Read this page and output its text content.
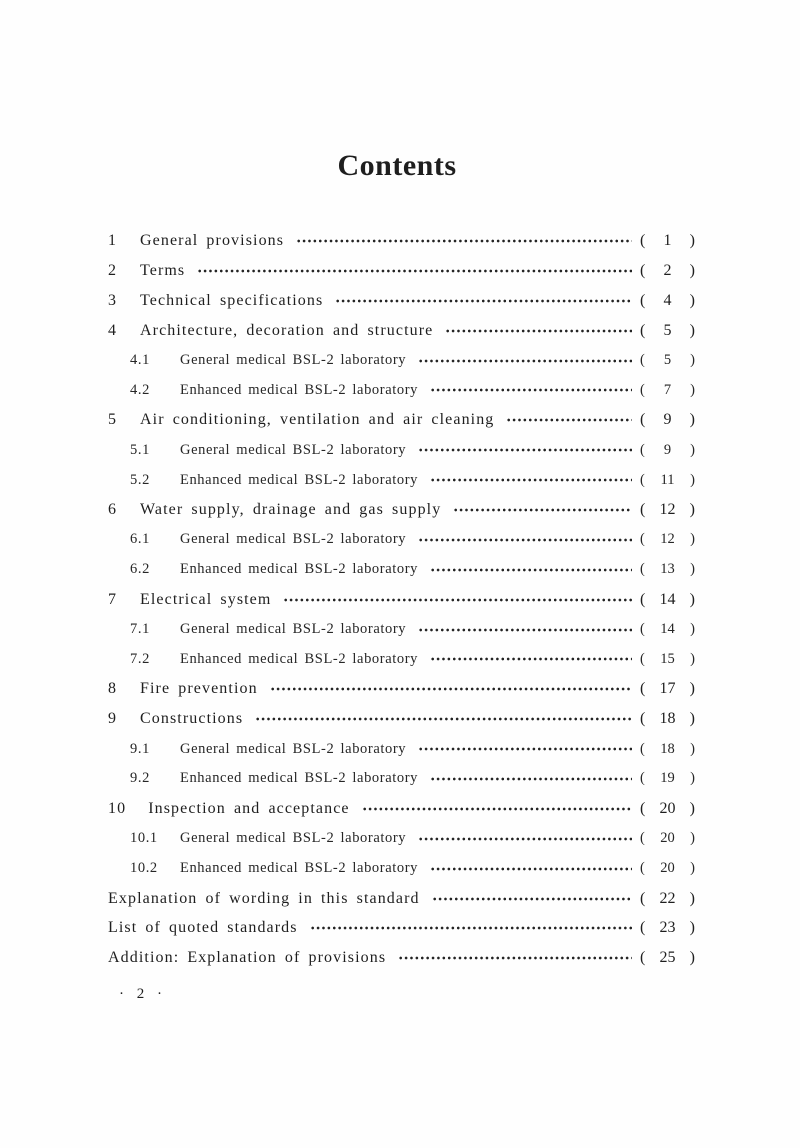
Contents
1 General provisions	( 1 )
2 Terms	( 2 )
3 Technical specifications	( 4 )
4 Architecture, decoration and structure	( 5 )
4.1	General medical BSL-2 laboratory	( 5 )
4.2	Enhanced medical BSL-2 laboratory	( 7 )
5 Air conditioning, ventilation and air cleaning	( 9 )
5.1	General medical BSL-2 laboratory	( 9 )
5.2	Enhanced medical BSL-2 laboratory	( 11 )
6 Water supply, drainage and gas supply	( 12 )
6.1	General medical BSL-2 laboratory	( 12 )
6.2	Enhanced medical BSL-2 laboratory	( 13 )
7 Electrical system	( 14 )
7.1	General medical BSL-2 laboratory	( 14 )
7.2	Enhanced medical BSL-2 laboratory	( 15 )
8 Fire prevention	( 17 )
9 Constructions	( 18 )
9.1	General medical BSL-2 laboratory	( 18 )
9.2	Enhanced medical BSL-2 laboratory	( 19 )
10 Inspection and acceptance	( 20 )
10.1	General medical BSL-2 laboratory	( 20 )
10.2	Enhanced medical BSL-2 laboratory	( 20 )
Explanation of wording in this standard	( 22 )
List of quoted standards	( 23 )
Addition: Explanation of provisions	( 25 )
· 2 ·
